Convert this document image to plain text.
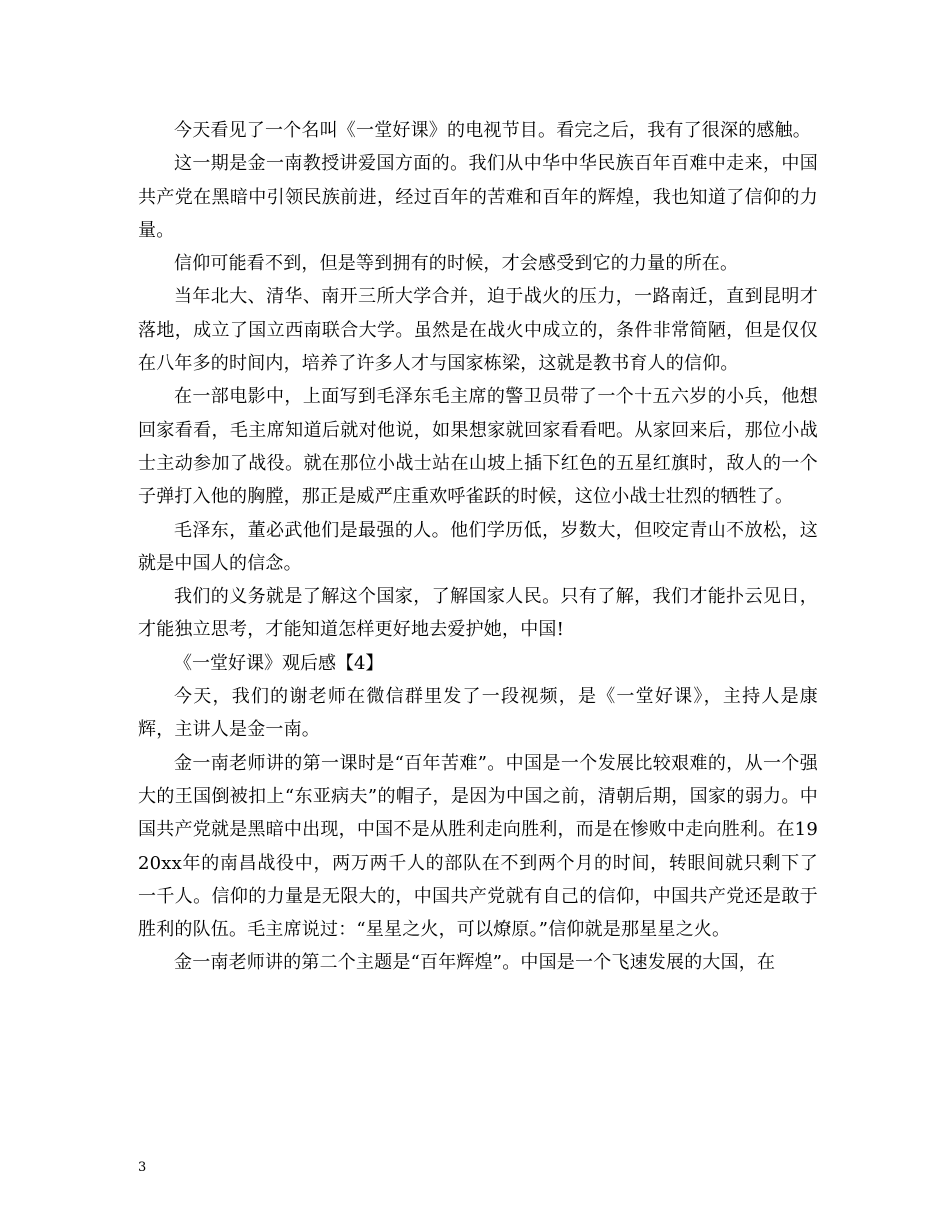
今天看见了一个名叫《一堂好课》的电视节目。看完之后，我有了很深的感触。

这一期是金一南教授讲爱国方面的。我们从中华中华民族百年百难中走来，中国共产党在黑暗中引领民族前进，经过百年的苦难和百年的辉煌，我也知道了信仰的力量。

信仰可能看不到，但是等到拥有的时候，才会感受到它的力量的所在。

当年北大、清华、南开三所大学合并，迫于战火的压力，一路南迁，直到昆明才落地，成立了国立西南联合大学。虽然是在战火中成立的，条件非常简陋，但是仅仅在八年多的时间内，培养了许多人才与国家栋梁，这就是教书育人的信仰。

在一部电影中，上面写到毛泽东毛主席的警卫员带了一个十五六岁的小兵，他想回家看看，毛主席知道后就对他说，如果想家就回家看看吧。从家回来后，那位小战士主动参加了战役。就在那位小战士站在山坡上插下红色的五星红旗时，敌人的一个子弹打入他的胸膛，那正是威严庄重欢呼雀跃的时候，这位小战士壮烈的牺牲了。

毛泽东，董必武他们是最强的人。他们学历低，岁数大，但咬定青山不放松，这就是中国人的信念。

我们的义务就是了解这个国家，了解国家人民。只有了解，我们才能扑云见日，才能独立思考，才能知道怎样更好地去爱护她，中国!

《一堂好课》观后感【4】

今天，我们的谢老师在微信群里发了一段视频，是《一堂好课》，主持人是康辉，主讲人是金一南。

金一南老师讲的第一课时是“百年苦难”。中国是一个发展比较艰难的，从一个强大的王国倒被扣上“东亚病夫”的帽子，是因为中国之前，清朝后期，国家的弱力。中国共产党就是黑暗中出现，中国不是从胜利走向胜利，而是在惨败中走向胜利。在1920xx年的南昌战役中，两万两千人的部队在不到两个月的时间，转眼间就只剩下了一千人。信仰的力量是无限大的，中国共产党就有自己的信仰，中国共产党还是敢于胜利的队伍。毛主席说过：“星星之火，可以燎原。”信仰就是那星星之火。

金一南老师讲的第二个主题是“百年辉煌”。中国是一个飞速发展的大国，在

3
